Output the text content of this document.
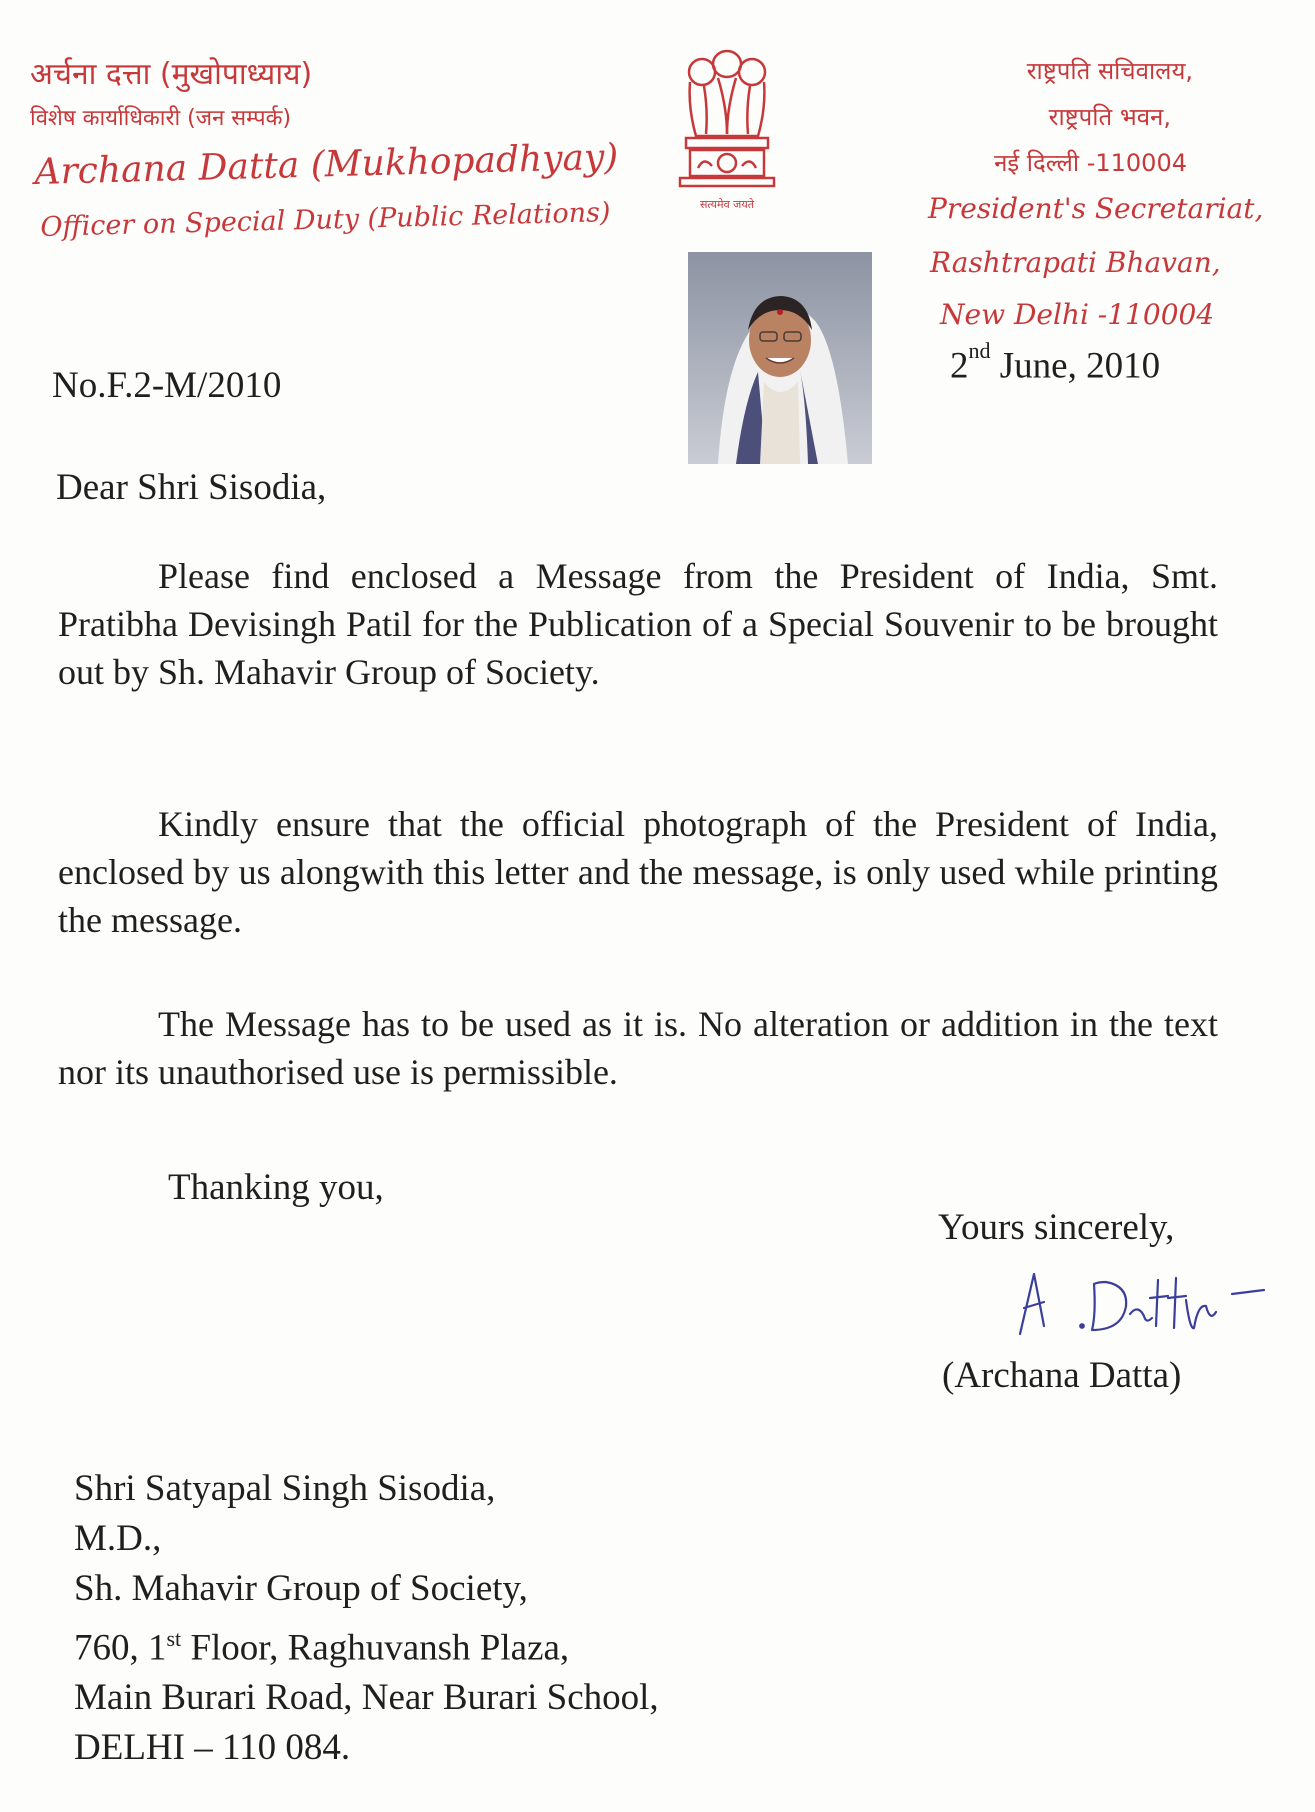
अर्चना दत्ता (मुखोपाध्याय)
विशेष कार्याधिकारी (जन सम्पर्क)
Archana Datta (Mukhopadhyay)
Officer on Special Duty (Public Relations)	सत्यमेव जयते
राष्ट्रपति सचिवालय,
राष्ट्रपति भवन,
नई दिल्ली -110004
President's Secretariat,
Rashtrapati Bhavan,
New Delhi -110004
2nd June, 2010
No.F.2-M/2010
Dear Shri Sisodia,
Please find enclosed a Message from the President of India, Smt. Pratibha Devisingh Patil for the Publication of a Special Souvenir to be brought out by Sh. Mahavir Group of Society.
Kindly ensure that the official photograph of the President of India, enclosed by us alongwith this letter and the message, is only used while printing the message.
The Message has to be used as it is. No alteration or addition in the text nor its unauthorised use is permissible.
Thanking you,
Yours sincerely,
(Archana Datta)
Shri Satyapal Singh Sisodia,
M.D.,
Sh. Mahavir Group of Society,
760, 1st Floor, Raghuvansh Plaza,
Main Burari Road, Near Burari School,
DELHI – 110 084.
